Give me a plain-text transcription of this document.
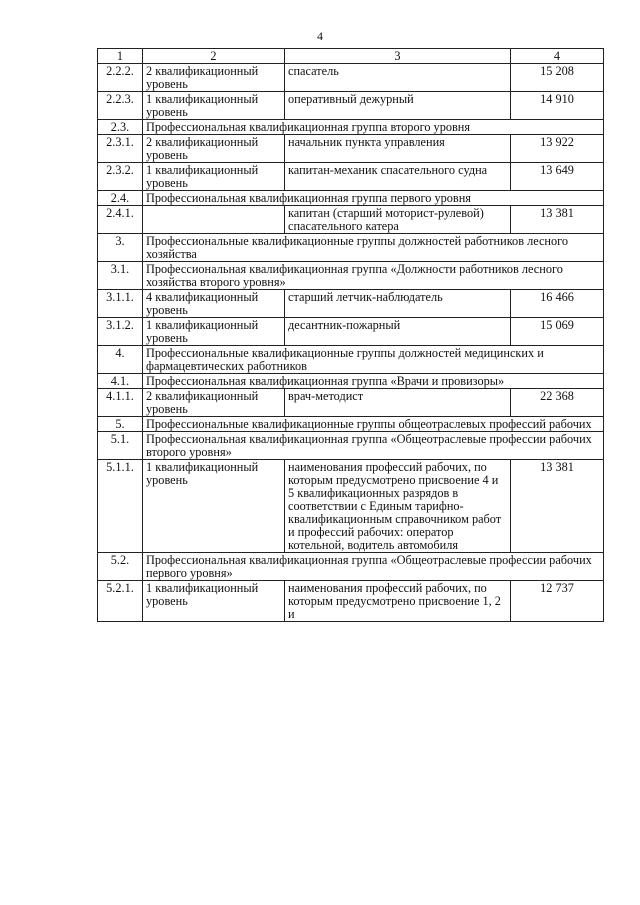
4
1	2	3	4
2.2.2.	2 квалификационный уровень	спасатель	15 208
2.2.3.	1 квалификационный уровень	оперативный дежурный	14 910
2.3.	Профессиональная квалификационная группа второго уровня		
2.3.1.	2 квалификационный уровень	начальник пункта управления	13 922
2.3.2.	1 квалификационный уровень	капитан-механик спасательного судна	13 649
2.4.	Профессиональная квалификационная группа первого уровня		
2.4.1.		капитан (старший моторист-рулевой) спасательного катера	13 381
3.	Профессиональные квалификационные группы должностей работников лесного хозяйства		
3.1.	Профессиональная квалификационная группа «Должности работников лесного хозяйства второго уровня»		
3.1.1.	4 квалификационный уровень	старший летчик-наблюдатель	16 466
3.1.2.	1 квалификационный уровень	десантник-пожарный	15 069
4.	Профессиональные квалификационные группы должностей медицинских и фармацевтических работников		
4.1.	Профессиональная квалификационная группа «Врачи и провизоры»		
4.1.1.	2 квалификационный уровень	врач-методист	22 368
5.	Профессиональные квалификационные группы общеотраслевых профессий рабочих		
5.1.	Профессиональная квалификационная группа «Общеотраслевые профессии рабочих второго уровня»		
5.1.1.	1 квалификационный уровень	наименования профессий рабочих, по которым предусмотрено присвоение 4 и 5 квалификационных разрядов в соответствии с Единым тарифно-квалификационным справочником работ и профессий рабочих: оператор котельной, водитель автомобиля	13 381
5.2.	Профессиональная квалификационная группа «Общеотраслевые профессии рабочих первого уровня»		
5.2.1.	1 квалификационный уровень	наименования профессий рабочих, по которым предусмотрено присвоение 1, 2 и	12 737
